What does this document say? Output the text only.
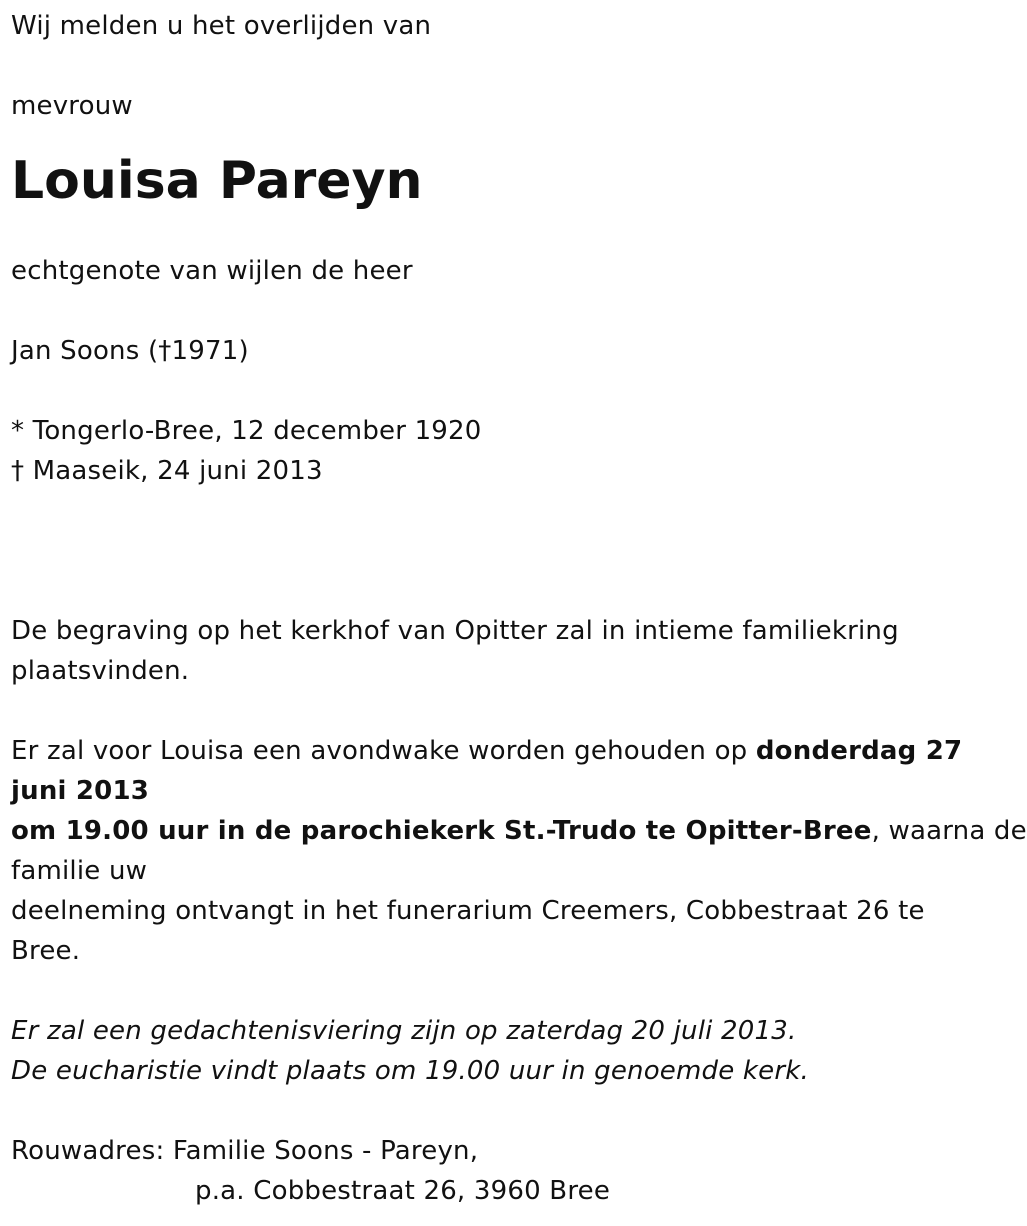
Wij melden u het overlijden van
mevrouw
Louisa Pareyn
echtgenote van wijlen de heer
Jan Soons (†1971)
* Tongerlo-Bree, 12 december 1920
† Maaseik, 24 juni 2013
De begraving op het kerkhof van Opitter zal in intieme familiekring
plaatsvinden.
Er zal voor Louisa een avondwake worden gehouden op donderdag 27
juni 2013
om 19.00 uur in de parochiekerk St.-Trudo te Opitter-Bree, waarna de
familie uw
deelneming ontvangt in het funerarium Creemers, Cobbestraat 26 te
Bree.
Er zal een gedachtenisviering zijn op zaterdag 20 juli 2013.
De eucharistie vindt plaats om 19.00 uur in genoemde kerk.
Rouwadres: Familie Soons - Pareyn,
p.a. Cobbestraat 26, 3960 Bree
